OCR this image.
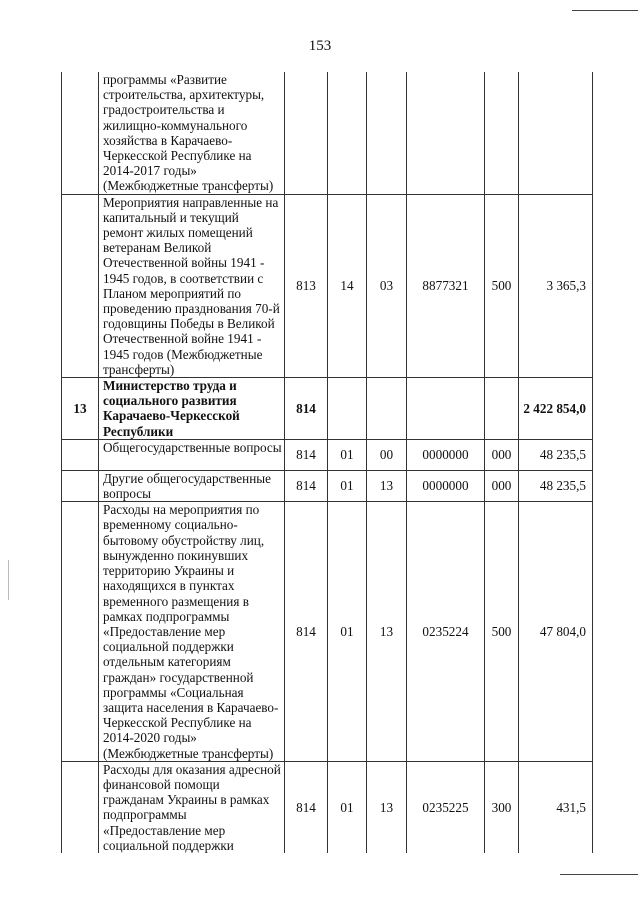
153
	программы «Развитие строительства, архитектуры, градостроительства и жилищно-коммунального хозяйства в Карачаево-Черкесской Республике на 2014-2017 годы» (Межбюджетные трансферты)						
	Мероприятия направленные на капитальный и текущий ремонт жилых помещений ветеранам Великой Отечественной войны 1941 - 1945 годов, в соответствии с Планом мероприятий по проведению празднования 70-й годовщины Победы в Великой Отечественной войне 1941 - 1945 годов (Межбюджетные трансферты)	813	14	03	8877321	500	3 365,3
13	Министерство труда и социального развития Карачаево-Черкесской Республики	814					2 422 854,0
	Общегосударственные вопросы	814	01	00	0000000	000	48 235,5
	Другие общегосударственные вопросы	814	01	13	0000000	000	48 235,5
	Расходы на мероприятия по временному социально-бытовому обустройству лиц, вынужденно покинувших территорию Украины и находящихся в пунктах временного размещения в рамках подпрограммы «Предоставление мер социальной поддержки отдельным категориям граждан» государственной программы «Социальная защита населения в Карачаево-Черкесской Республике на 2014-2020 годы» (Межбюджетные трансферты)	814	01	13	0235224	500	47 804,0
	Расходы для оказания адресной финансовой помощи гражданам Украины в рамках подпрограммы «Предоставление мер социальной поддержки	814	01	13	0235225	300	431,5
